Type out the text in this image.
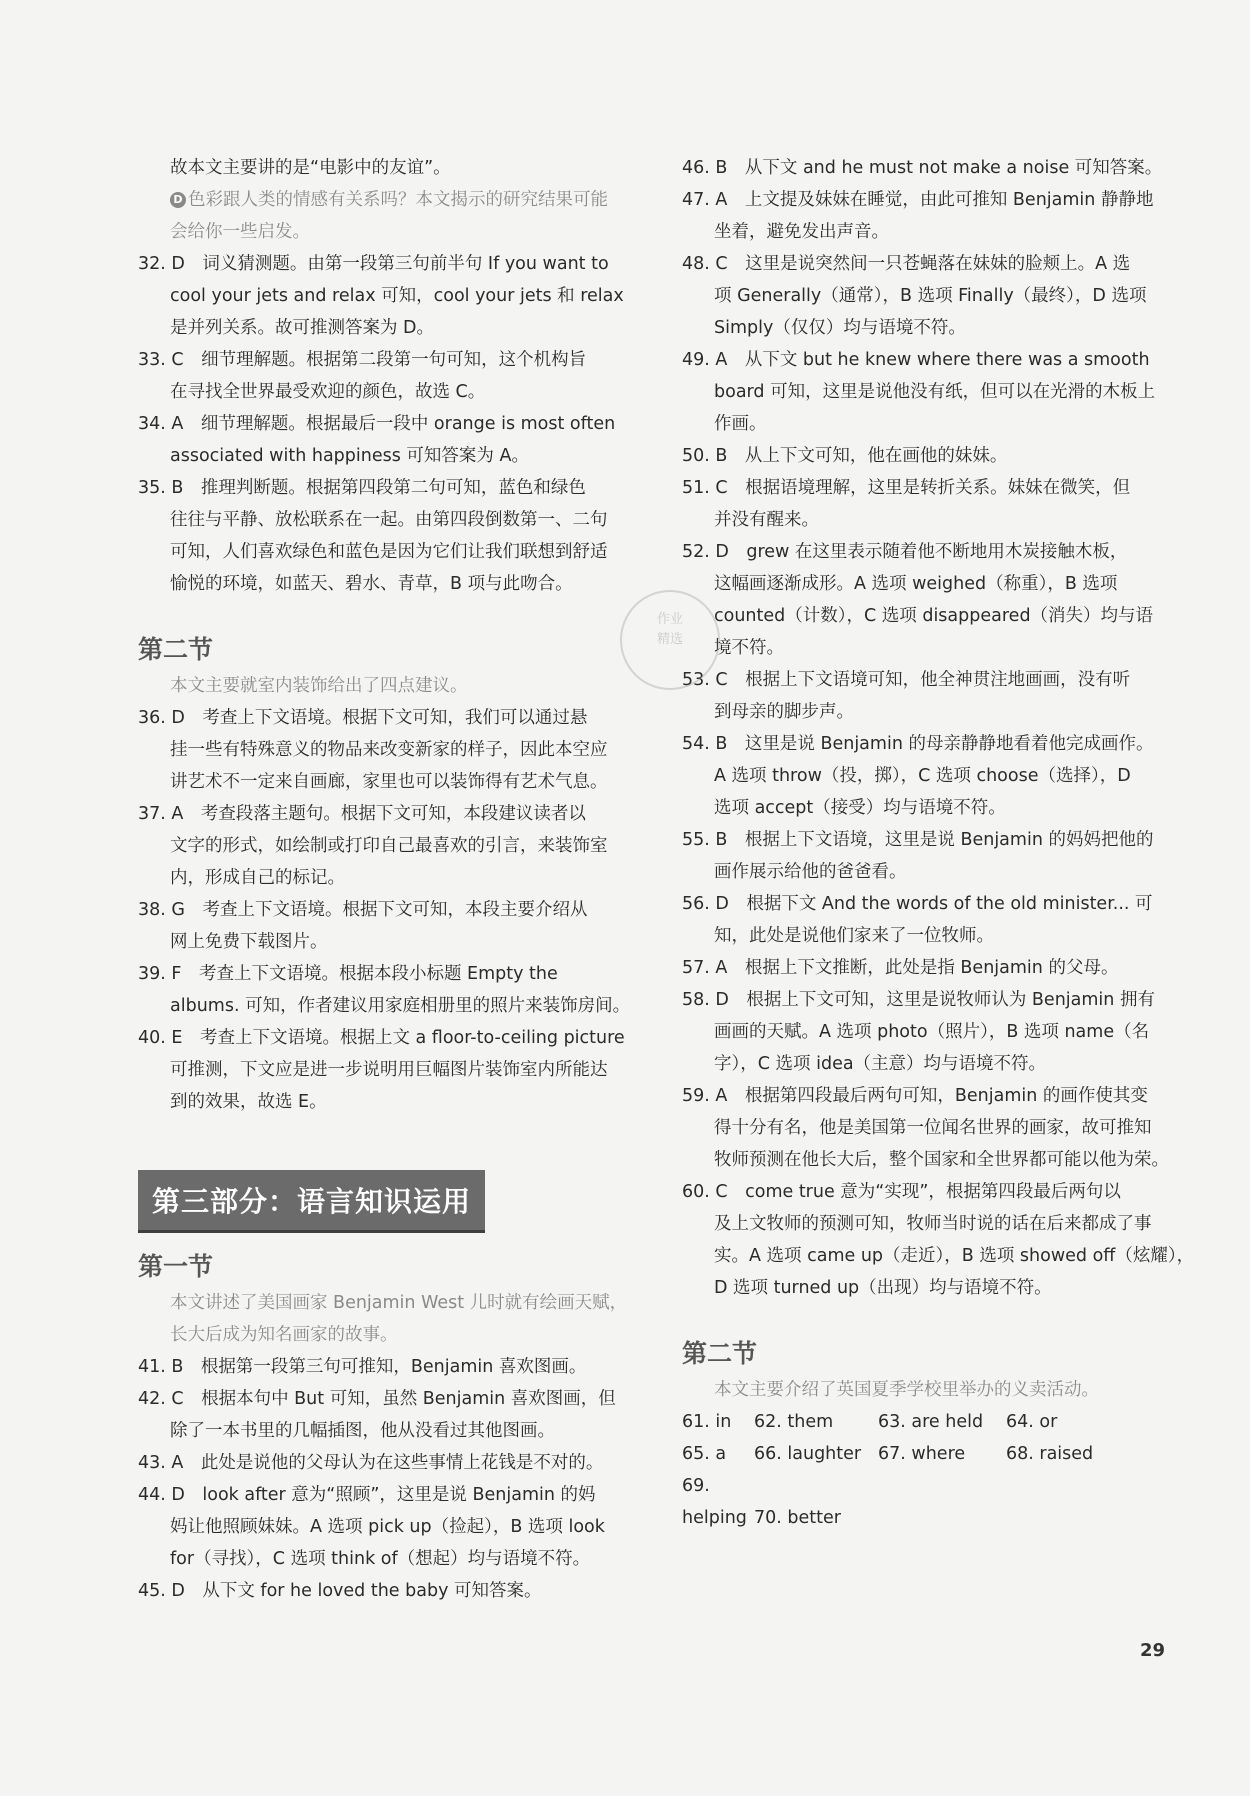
故本文主要讲的是“电影中的友谊”。
D 色彩跟人类的情感有关系吗？本文揭示的研究结果可能
会给你一些启发。
32. D　词义猜测题。由第一段第三句前半句 If you want to
cool your jets and relax 可知，cool your jets 和 relax
是并列关系。故可推测答案为 D。
33. C　细节理解题。根据第二段第一句可知，这个机构旨
在寻找全世界最受欢迎的颜色，故选 C。
34. A　细节理解题。根据最后一段中 orange is most often
associated with happiness 可知答案为 A。
35. B　推理判断题。根据第四段第二句可知，蓝色和绿色
往往与平静、放松联系在一起。由第四段倒数第一、二句
可知，人们喜欢绿色和蓝色是因为它们让我们联想到舒适
愉悦的环境，如蓝天、碧水、青草，B 项与此吻合。
第二节
本文主要就室内装饰给出了四点建议。
36. D　考查上下文语境。根据下文可知，我们可以通过悬
挂一些有特殊意义的物品来改变新家的样子，因此本空应
讲艺术不一定来自画廊，家里也可以装饰得有艺术气息。
37. A　考查段落主题句。根据下文可知，本段建议读者以
文字的形式，如绘制或打印自己最喜欢的引言，来装饰室
内，形成自己的标记。
38. G　考查上下文语境。根据下文可知，本段主要介绍从
网上免费下载图片。
39. F　考查上下文语境。根据本段小标题 Empty the
albums. 可知，作者建议用家庭相册里的照片来装饰房间。
40. E　考查上下文语境。根据上文 a floor-to-ceiling picture
可推测，下文应是进一步说明用巨幅图片装饰室内所能达
到的效果，故选 E。
第三部分：语言知识运用
第一节
本文讲述了美国画家 Benjamin West 儿时就有绘画天赋，
长大后成为知名画家的故事。
41. B　根据第一段第三句可推知，Benjamin 喜欢图画。
42. C　根据本句中 But 可知，虽然 Benjamin 喜欢图画，但
除了一本书里的几幅插图，他从没看过其他图画。
43. A　此处是说他的父母认为在这些事情上花钱是不对的。
44. D　look after 意为“照顾”，这里是说 Benjamin 的妈
妈让他照顾妹妹。A 选项 pick up（捡起），B 选项 look
for（寻找），C 选项 think of（想起）均与语境不符。
45. D　从下文 for he loved the baby 可知答案。
46. B　从下文 and he must not make a noise 可知答案。
47. A　上文提及妹妹在睡觉，由此可推知 Benjamin 静静地
坐着，避免发出声音。
48. C　这里是说突然间一只苍蝇落在妹妹的脸颊上。A 选
项 Generally（通常），B 选项 Finally（最终），D 选项
Simply（仅仅）均与语境不符。
49. A　从下文 but he knew where there was a smooth
board 可知，这里是说他没有纸，但可以在光滑的木板上
作画。
50. B　从上下文可知，他在画他的妹妹。
51. C　根据语境理解，这里是转折关系。妹妹在微笑，但
并没有醒来。
52. D　grew 在这里表示随着他不断地用木炭接触木板，
这幅画逐渐成形。A 选项 weighed（称重），B 选项
counted（计数），C 选项 disappeared（消失）均与语
境不符。
53. C　根据上下文语境可知，他全神贯注地画画，没有听
到母亲的脚步声。
54. B　这里是说 Benjamin 的母亲静静地看着他完成画作。
A 选项 throw（投，掷），C 选项 choose（选择），D
选项 accept（接受）均与语境不符。
55. B　根据上下文语境，这里是说 Benjamin 的妈妈把他的
画作展示给他的爸爸看。
56. D　根据下文 And the words of the old minister... 可
知，此处是说他们家来了一位牧师。
57. A　根据上下文推断，此处是指 Benjamin 的父母。
58. D　根据上下文可知，这里是说牧师认为 Benjamin 拥有
画画的天赋。A 选项 photo（照片），B 选项 name（名
字），C 选项 idea（主意）均与语境不符。
59. A　根据第四段最后两句可知，Benjamin 的画作使其变
得十分有名，他是美国第一位闻名世界的画家，故可推知
牧师预测在他长大后，整个国家和全世界都可能以他为荣。
60. C　come true 意为“实现”，根据第四段最后两句以
及上文牧师的预测可知，牧师当时说的话在后来都成了事
实。A 选项 came up（走近），B 选项 showed off（炫耀），
D 选项 turned up（出现）均与语境不符。
第二节
本文主要介绍了英国夏季学校里举办的义卖活动。
61. in 62. them	63. are held 64. or
65. a 66. laughter 67. where 68. raised
69. helping 70. better
作业
精选
29
